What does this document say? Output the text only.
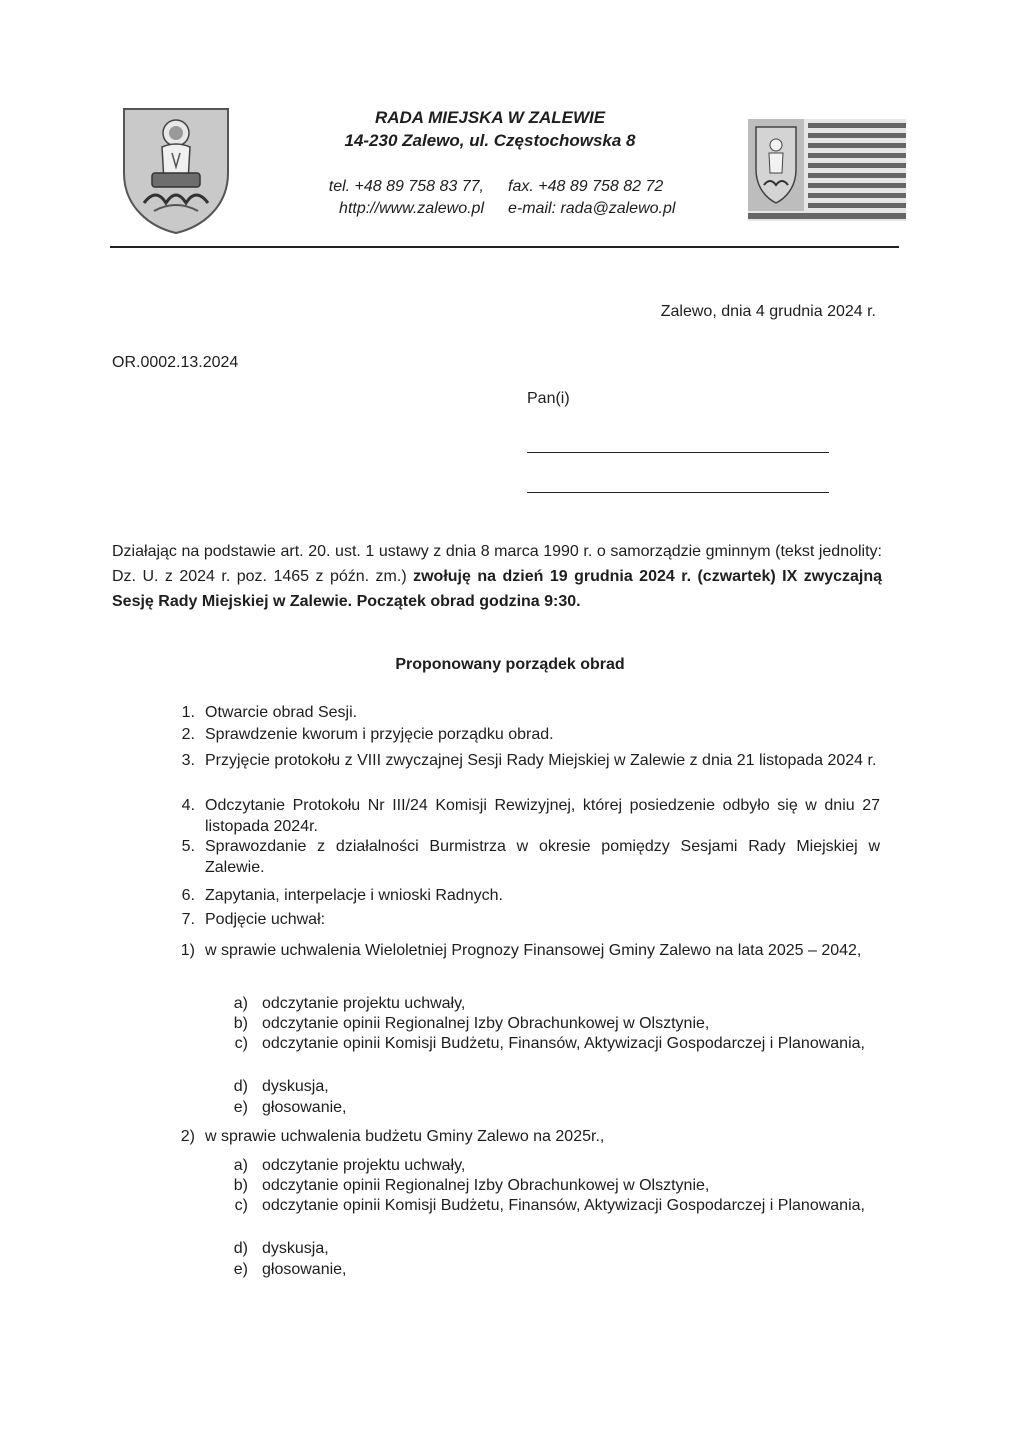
RADA MIEJSKA W ZALEWIE
14-230 Zalewo, ul. Częstochowska 8
tel. +48 89 758 83 77,
http://www.zalewo.pl
fax. +48 89 758 82 72
e-mail: rada@zalewo.pl
Zalewo, dnia 4 grudnia 2024 r.
OR.0002.13.2024
Pan(i)
Działając na podstawie art. 20. ust. 1 ustawy z dnia 8 marca 1990 r. o samorządzie gminnym (tekst jednolity: Dz. U. z 2024 r. poz. 1465 z późn. zm.) zwołuję na dzień 19 grudnia 2024 r. (czwartek) IX zwyczajną Sesję Rady Miejskiej w Zalewie. Początek obrad godzina 9:30.
Proponowany porządek obrad
1. Otwarcie obrad Sesji.
2. Sprawdzenie kworum i przyjęcie porządku obrad.
3. Przyjęcie protokołu z VIII zwyczajnej Sesji Rady Miejskiej w Zalewie z dnia 21 listopada 2024 r.
4. Odczytanie Protokołu Nr III/24 Komisji Rewizyjnej, której posiedzenie odbyło się w dniu 27 listopada 2024r.
5. Sprawozdanie z działalności Burmistrza w okresie pomiędzy Sesjami Rady Miejskiej w Zalewie.
6. Zapytania, interpelacje i wnioski Radnych.
7. Podjęcie uchwał:
1) w sprawie uchwalenia Wieloletniej Prognozy Finansowej Gminy Zalewo na lata 2025 – 2042,
a) odczytanie projektu uchwały,
b) odczytanie opinii Regionalnej Izby Obrachunkowej w Olsztynie,
c) odczytanie opinii Komisji Budżetu, Finansów, Aktywizacji Gospodarczej i Planowania,
d) dyskusja,
e) głosowanie,
2) w sprawie uchwalenia budżetu Gminy Zalewo na 2025r.,
a) odczytanie projektu uchwały,
b) odczytanie opinii Regionalnej Izby Obrachunkowej w Olsztynie,
c) odczytanie opinii Komisji Budżetu, Finansów, Aktywizacji Gospodarczej i Planowania,
d) dyskusja,
e) głosowanie,
